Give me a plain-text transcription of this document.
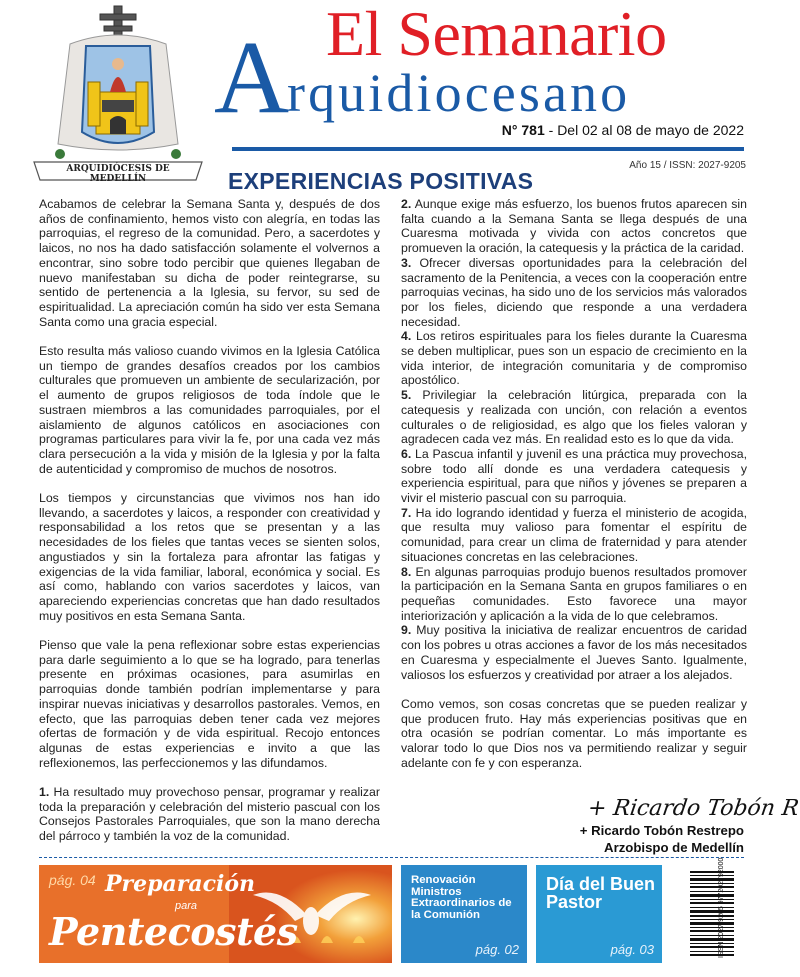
ARQUIDIÓCESIS DE MEDELLÍN
El Semanario
A
rquidiocesano
N° 781 - Del 02 al 08 de mayo de 2022
Año 15 / ISSN: 2027-9205
EXPERIENCIAS POSITIVAS

Acabamos de celebrar la Semana Santa y, después de dos años de confinamiento, hemos visto con alegría, en todas las parroquias, el regreso de la comunidad. Pero, a sacerdotes y laicos, no nos ha dado satisfacción solamente el volvernos a encontrar, sino sobre todo percibir que quienes llegaban de nuevo manifestaban su dicha de poder reintegrarse, su sentido de pertenencia a la Iglesia, su fervor, su sed de espiritualidad. La apreciación común ha sido ver esta Semana Santa como una gracia especial.

Esto resulta más valioso cuando vivimos en la Iglesia Católica un tiempo de grandes desafíos creados por los cambios culturales que promueven un ambiente de secularización, por el aumento de grupos religiosos de toda índole que le sustraen miembros a las comunidades parroquiales, por el aislamiento de algunos católicos en asociaciones con programas particulares para vivir la fe, por una cada vez más clara persecución a la vida y misión de la Iglesia y por la falta de autenticidad y compromiso de muchos de nosotros.

Los tiempos y circunstancias que vivimos nos han ido llevando, a sacerdotes y laicos, a responder con creatividad y responsabilidad a los retos que se presentan y a las necesidades de los fieles que tantas veces se sienten solos, angustiados y sin la fortaleza para afrontar las fatigas y exigencias de la vida familiar, laboral, económica y social. Es así como, hablando con varios sacerdotes y laicos, van apareciendo experiencias concretas que han dado resultados muy positivos en esta Semana Santa.

Pienso que vale la pena reflexionar sobre estas experiencias para darle seguimiento a lo que se ha logrado, para tenerlas presente en próximas ocasiones, para asumirlas en parroquias donde también podrían implementarse y para inspirar nuevas iniciativas y desarrollos pastorales. Vemos, en efecto, que las parroquias deben tener cada vez mejores ofertas de formación y de vida espiritual. Recojo entonces algunas de estas experiencias e invito a que las reflexionemos, las perfeccionemos y las difundamos.

1. Ha resultado muy provechoso pensar, programar y realizar toda la preparación y celebración del misterio pascual con los Consejos Pastorales Parroquiales, que son la mano derecha del párroco y también la voz de la comunidad.

2. Aunque exige más esfuerzo, los buenos frutos aparecen sin falta cuando a la Semana Santa se llega después de una Cuaresma motivada y vivida con actos concretos que promueven la oración, la catequesis y la práctica de la caridad.

3. Ofrecer diversas oportunidades para la celebración del sacramento de la Penitencia, a veces con la cooperación entre parroquias vecinas, ha sido uno de los servicios más valorados por los fieles, diciendo que responde a una verdadera necesidad.

4. Los retiros espirituales para los fieles durante la Cuaresma se deben multiplicar, pues son un espacio de crecimiento en la vida interior, de integración comunitaria y de compromiso apostólico.

5. Privilegiar la celebración litúrgica, preparada con la catequesis y realizada con unción, con relación a eventos culturales o de religiosidad, es algo que los fieles valoran y agradecen cada vez más. En realidad esto es lo que da vida.

6. La Pascua infantil y juvenil es una práctica muy provechosa, sobre todo allí donde es una verdadera catequesis y experiencia espiritual, para que niños y jóvenes se preparen a vivir el misterio pascual con su parroquia.

7. Ha ido logrando identidad y fuerza el ministerio de acogida, que resulta muy valioso para fomentar el espíritu de comunidad, para crear un clima de fraternidad y para atender situaciones concretas en las celebraciones.

8. En algunas parroquias produjo buenos resultados promover la participación en la Semana Santa en grupos familiares o en pequeñas comunidades. Esto favorece una mayor interiorización y aplicación a la vida de lo que celebramos.

9. Muy positiva la iniciativa de realizar encuentros de caridad con los pobres u otras acciones a favor de los más necesitados en Cuaresma y especialmente el Jueves Santo. Igualmente, valiosos los esfuerzos y creatividad por atraer a los alejados.

Como vemos, son cosas concretas que se pueden realizar y que producen fruto. Hay más experiencias positivas que en otra ocasión se podrían comentar. Lo más importante es valorar todo lo que Dios nos va permitiendo realizar y seguir adelante con fe y con esperanza.

+ Ricardo Tobón R
+ Ricardo Tobón Restrepo
Arzobispo de Medellín
pág. 04 Preparación
para
Pentecostés
Renovación Ministros Extraordinarios de la Comunión
pág. 02
Día del Buen Pastor
pág. 03	ISSN 2027-9205 977202792000
